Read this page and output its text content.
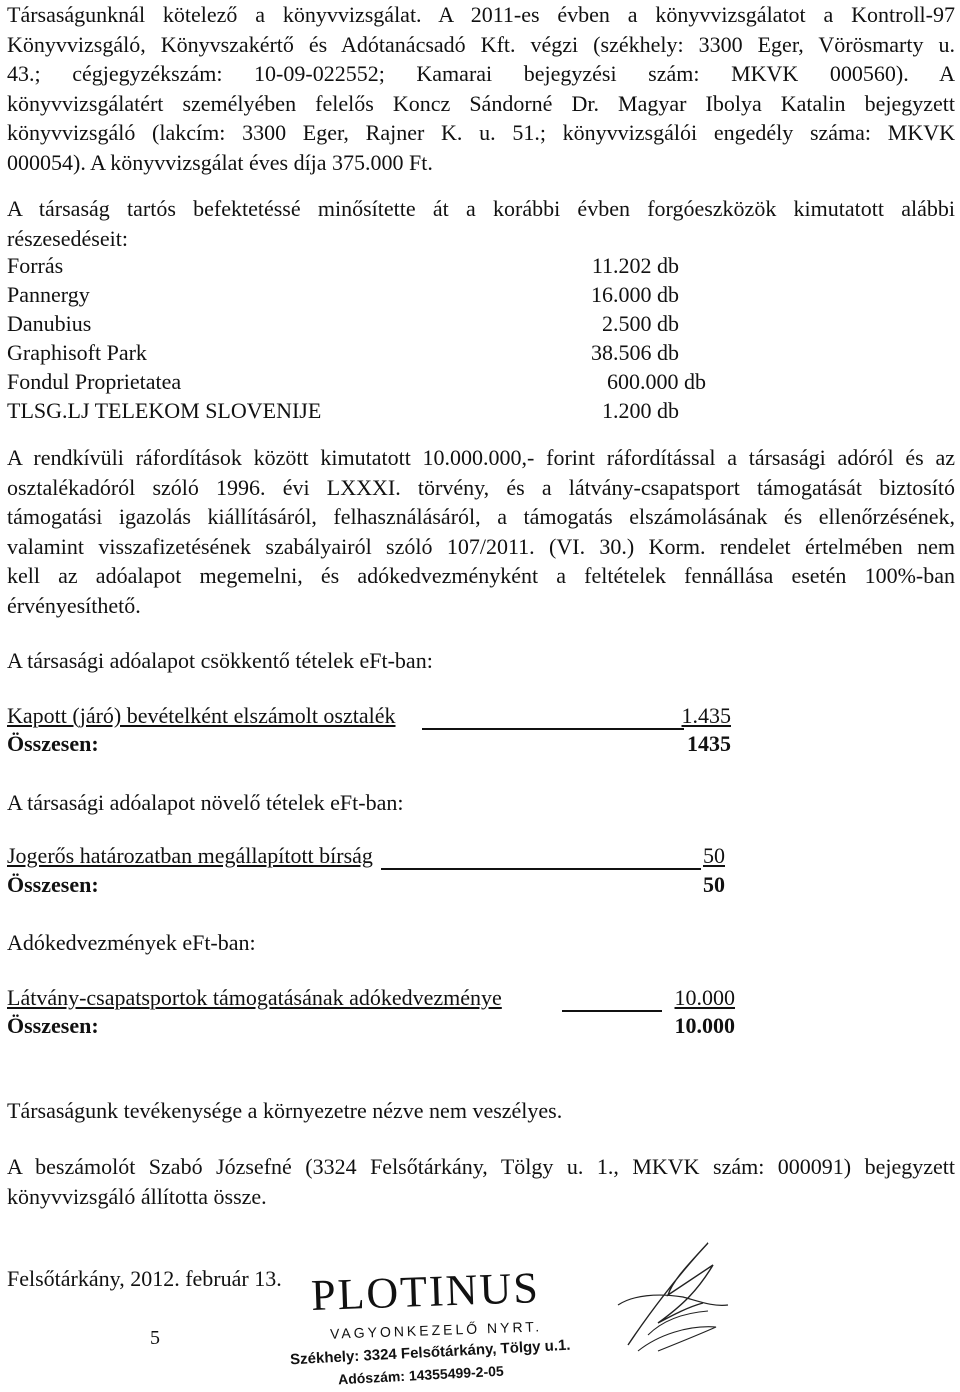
Társaságunknál kötelező a könyvvizsgálat. A 2011-es évben a könyvvizsgálatot a Kontroll-97
Könyvvizsgáló, Könyvszakértő és Adótanácsadó Kft. végzi (székhely: 3300 Eger, Vörösmarty u.
43.; cégjegyzékszám: 10-09-022552; Kamarai bejegyzési szám: MKVK 000560). A
könyvvizsgálatért személyében felelős Koncz Sándorné Dr. Magyar Ibolya Katalin bejegyzett
könyvvizsgáló (lakcím: 3300 Eger, Rajner K. u. 51.; könyvvizsgálói engedély száma: MKVK
000054). A könyvvizsgálat éves díja 375.000 Ft.
A társaság tartós befektetéssé minősítette át a korábbi évben forgóeszközök kimutatott alábbi
részesedéseit:
Forrás	11.202 db
Pannergy	16.000 db
Danubius	2.500 db
Graphisoft Park	38.506 db
Fondul Proprietatea	600.000 db
TLSG.LJ TELEKOM SLOVENIJE	1.200 db
A rendkívüli ráfordítások között kimutatott 10.000.000,- forint ráfordítással a társasági adóról és az
osztalékadóról szóló 1996. évi LXXXI. törvény, és a látvány-csapatsport támogatását biztosító
támogatási igazolás kiállításáról, felhasználásáról, a támogatás elszámolásának és ellenőrzésének,
valamint visszafizetésének szabályairól szóló 107/2011. (VI. 30.) Korm. rendelet értelmében nem
kell az adóalapot megemelni, és adókedvezményként a feltételek fennállása esetén 100%-ban
érvényesíthető.
A társasági adóalapot csökkentő tételek eFt-ban:
Kapott (járó) bevételként elszámolt osztalék	1.435
Összesen:	1435
A társasági adóalapot növelő tételek eFt-ban:
Jogerős határozatban megállapított bírság	50
Összesen:	50
Adókedvezmények eFt-ban:
Látvány-csapatsportok támogatásának adókedvezménye	10.000
Összesen:	10.000
Társaságunk tevékenysége a környezetre nézve nem veszélyes.
A beszámolót Szabó Józsefné (3324 Felsőtárkány, Tölgy u. 1., MKVK szám: 000091) bejegyzett
könyvvizsgáló állította össze.
Felsőtárkány, 2012. február 13.
5
PLOTINUS
VAGYONKEZELŐ NYRT.
Székhely: 3324 Felsőtárkány, Tölgy u.1.
Adószám: 14355499-2-05
